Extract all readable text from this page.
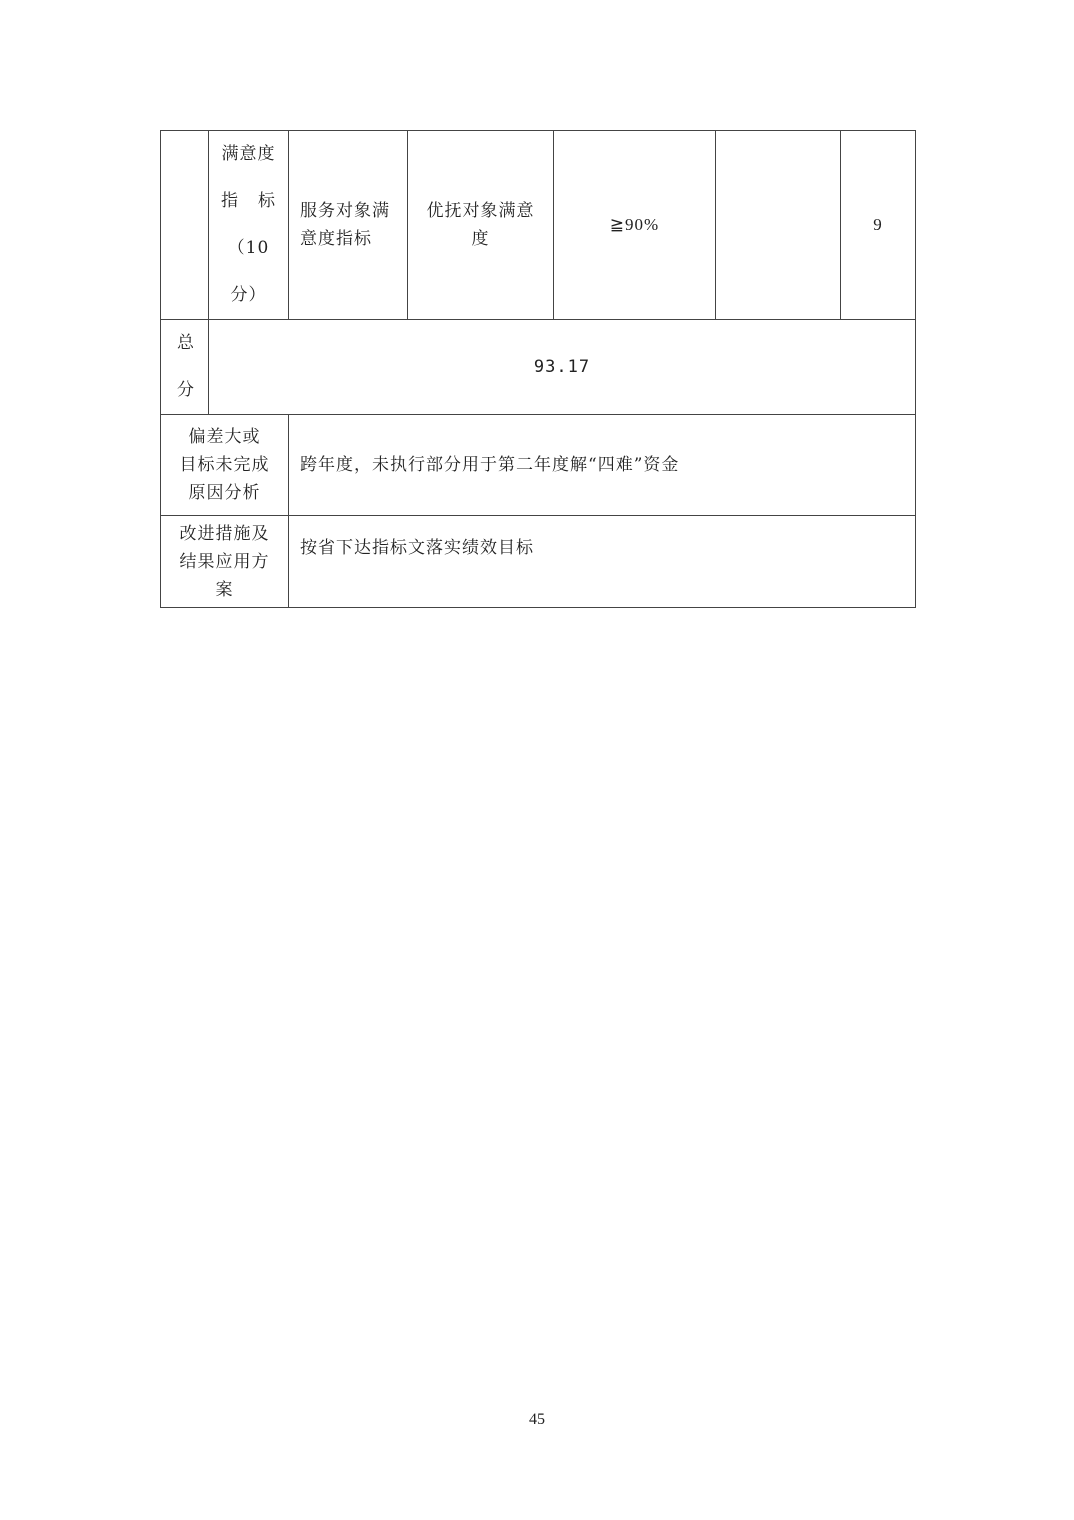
	满意度
指　标
（10
分）	服务对象满
意度指标	优抚对象满意
度	≧90%		9

总
分	93.17					

偏差大或
目标未完成
原因分析		跨年度，未执行部分用于第二年度解“四难”资金				

改进措施及
结果应用方
案		按省下达指标文落实绩效目标				
45
